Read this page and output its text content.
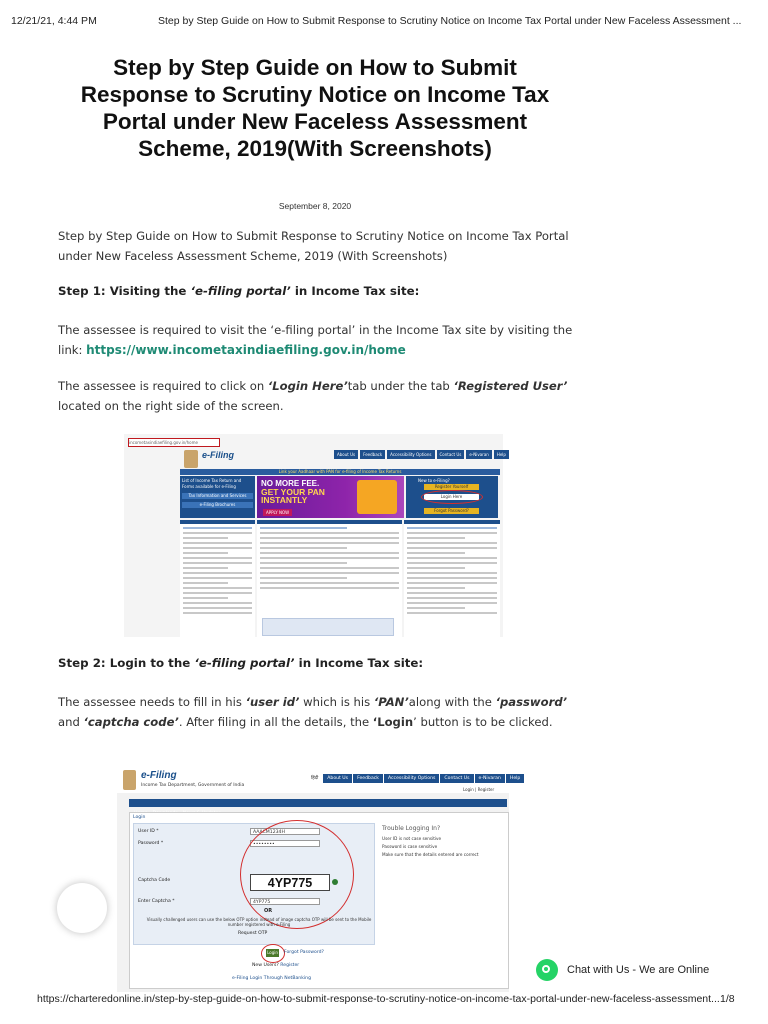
12/21/21, 4:44 PM	Step by Step Guide on How to Submit Response to Scrutiny Notice on Income Tax Portal under New Faceless Assessment ...
Step by Step Guide on How to Submit Response to Scrutiny Notice on Income Tax Portal under New Faceless Assessment Scheme, 2019(With Screenshots)
September 8, 2020

Step by Step Guide on How to Submit Response to Scrutiny Notice on Income Tax Portal under New Faceless Assessment Scheme, 2019 (With Screenshots)

Step 1: Visiting the ‘e-filing portal’ in Income Tax site:

The assessee is required to visit the ‘e-filing portal’ in the Income Tax site by visiting the link: https://www.incometaxindiaefiling.gov.in/home

The assessee is required to click on ‘Login Here’tab under the tab ‘Registered User’ located on the right side of the screen.

incometaxindiaefiling.gov.in/home
e-Filing	About Us	Feedback	Accessibility Options	Contact Us	e-Nivaran	Help
Link your Aadhaar with PAN for e-filing of Income Tax Returns
List of Income Tax Return and Forms available for e-Filing
Tax Information and Services
e-Filing Brochures
NO MORE FEE.
GET YOUR PAN INSTANTLY
APPLY NOW
New to e-Filing?
Register Yourself
Login Here
Forgot Password?

Step 2: Login to the ‘e-filing portal’ in Income Tax site:

The assessee needs to fill in his ‘user id’ which is his ‘PAN’along with the ‘password’ and ‘captcha code’. After filing in all the details, the ‘Login’ button is to be clicked.

e-Filing
Income Tax Department, Government of India
हिंदी	About Us	Feedback	Accessibility Options	Contact Us	e-Nivaran	Help
Login | Register
Login
User ID *	AAACM1234H
Password *	••••••••
Captcha Code	4YP775
Enter Captcha *	4YP775
OR
Visually challenged users can use the below OTP option instead of image captcha OTP will be sent to the Mobile number registered with e-Filing
Request OTP
Login Forgot Password?
New Users? Register
e-Filing Login Through NetBanking
Trouble Logging In?
User ID is not case sensitive
Password is case sensitive
Make sure that the details entered are correct
Chat with Us - We are Online
https://charteredonline.in/step-by-step-guide-on-how-to-submit-response-to-scrutiny-notice-on-income-tax-portal-under-new-faceless-assessment... 1/8
